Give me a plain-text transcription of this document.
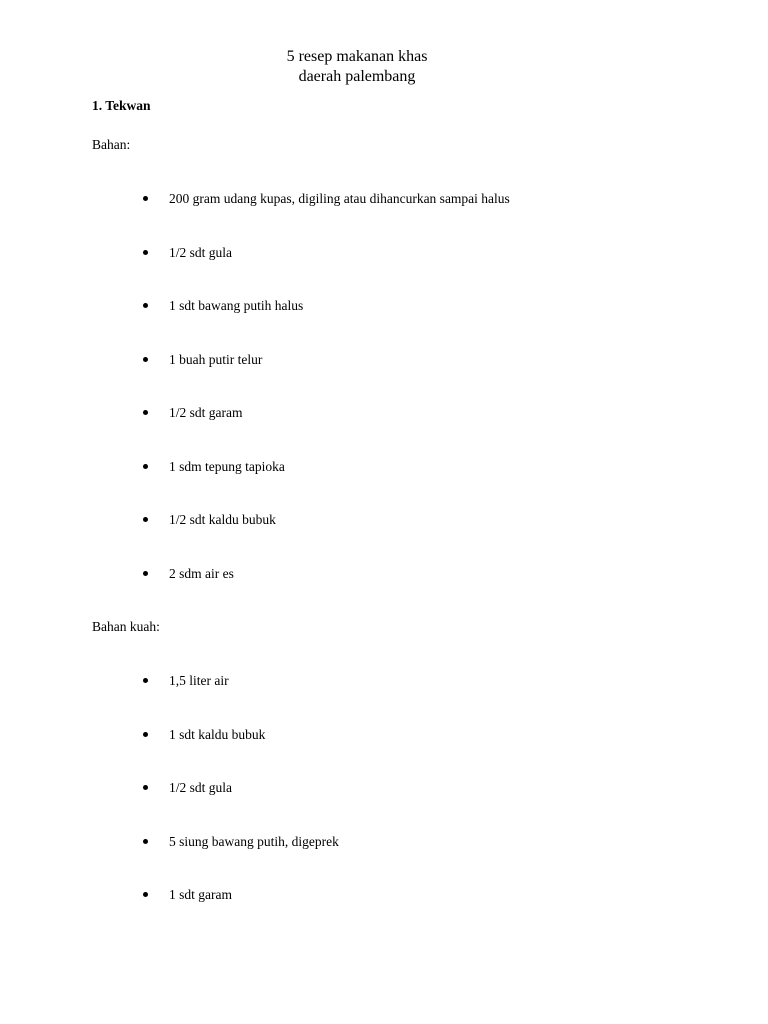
5 resep makanan khas
daerah palembang
1. Tekwan

Bahan:

200 gram udang kupas, digiling atau dihancurkan sampai halus
1/2 sdt gula
1 sdt bawang putih halus
1 buah putir telur
1/2 sdt garam
1 sdm tepung tapioka
1/2 sdt kaldu bubuk
2 sdm air es

Bahan kuah:

1,5 liter air
1 sdt kaldu bubuk
1/2 sdt gula
5 siung bawang putih, digeprek
1 sdt garam
